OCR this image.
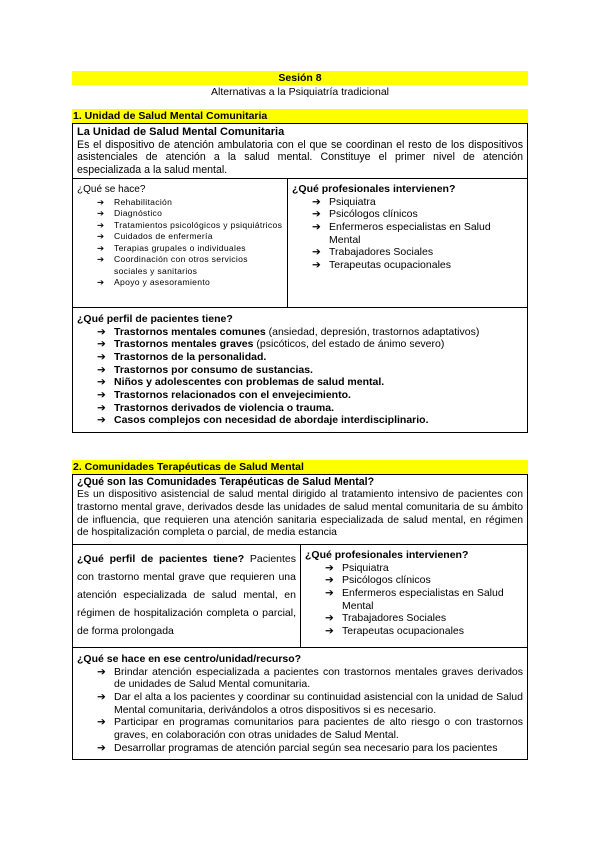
Sesión 8
Alternativas a la Psiquiatría tradicional
1. Unidad de Salud Mental Comunitaria
La Unidad de Salud Mental Comunitaria
Es el dispositivo de atención ambulatoria con el que se coordinan el resto de los dispositivos asistenciales de atención a la salud mental. Constituye el primer nivel de atención especializada a la salud mental.
¿Qué se hace?
➔ Rehabilitación
➔ Diagnóstico
➔ Tratamientos psicológicos y psiquiátricos
➔ Cuidados de enfermería
➔ Terapias grupales o individuales
➔ Coordinación con otros servicios sociales y sanitarios
➔ Apoyo y asesoramiento
¿Qué profesionales intervienen?
➔ Psiquiatra
➔ Psicólogos clínicos
➔ Enfermeros especialistas en Salud Mental
➔ Trabajadores Sociales
➔ Terapeutas ocupacionales
¿Qué perfil de pacientes tiene?
➔ Trastornos mentales comunes (ansiedad, depresión, trastornos adaptativos)
➔ Trastornos mentales graves (psicóticos, del estado de ánimo severo)
➔ Trastornos de la personalidad.
➔ Trastornos por consumo de sustancias.
➔ Niños y adolescentes con problemas de salud mental.
➔ Trastornos relacionados con el envejecimiento.
➔ Trastornos derivados de violencia o trauma.
➔ Casos complejos con necesidad de abordaje interdisciplinario.
2. Comunidades Terapéuticas de Salud Mental
¿Qué son las Comunidades Terapéuticas de Salud Mental?
Es un dispositivo asistencial de salud mental dirigido al tratamiento intensivo de pacientes con trastorno mental grave, derivados desde las unidades de salud mental comunitaria de su ámbito de influencia, que requieren una atención sanitaria especializada de salud mental, en régimen de hospitalización completa o parcial, de media estancia
¿Qué perfil de pacientes tiene? Pacientes con trastorno mental grave que requieren una atención especializada de salud mental, en régimen de hospitalización completa o parcial, de forma prolongada
¿Qué profesionales intervienen?
➔ Psiquiatra
➔ Psicólogos clínicos
➔ Enfermeros especialistas en Salud Mental
➔ Trabajadores Sociales
➔ Terapeutas ocupacionales
¿Qué se hace en ese centro/unidad/recurso?
➔ Brindar atención especializada a pacientes con trastornos mentales graves derivados de unidades de Salud Mental comunitaria.
➔ Dar el alta a los pacientes y coordinar su continuidad asistencial con la unidad de Salud Mental comunitaria, derivándolos a otros dispositivos si es necesario.
➔ Participar en programas comunitarios para pacientes de alto riesgo o con trastornos graves, en colaboración con otras unidades de Salud Mental.
➔ Desarrollar programas de atención parcial según sea necesario para los pacientes
